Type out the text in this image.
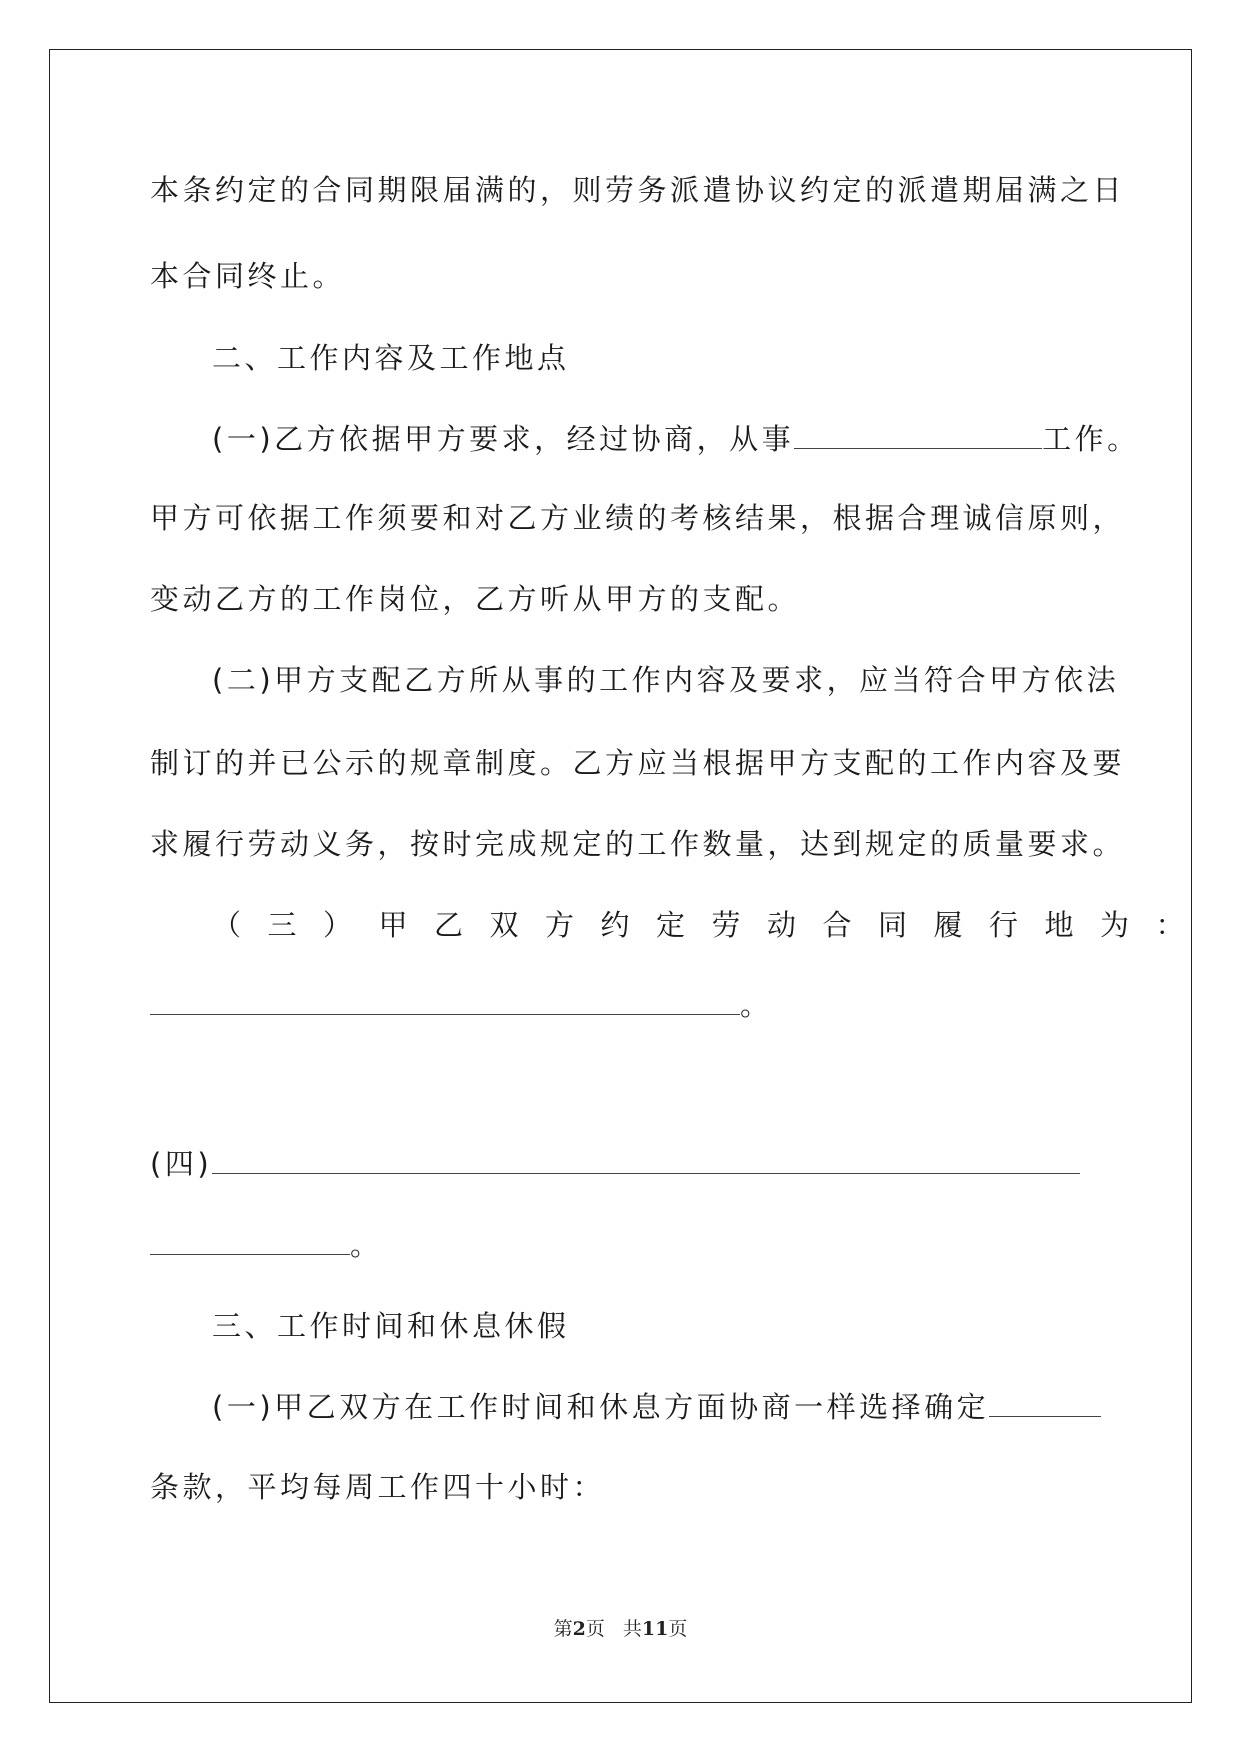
本条约定的合同期限届满的，则劳务派遣协议约定的派遣期届满之日
本合同终止。
二、工作内容及工作地点
(一)乙方依据甲方要求，经过协商，从事	工作。
甲方可依据工作须要和对乙方业绩的考核结果，根据合理诚信原则，
变动乙方的工作岗位，乙方听从甲方的支配。
(二)甲方支配乙方所从事的工作内容及要求，应当符合甲方依法
制订的并已公示的规章制度。乙方应当根据甲方支配的工作内容及要
求履行劳动义务，按时完成规定的工作数量，达到规定的质量要求。
（三）甲乙双方约定劳动合同履行地为：
。
(四)
。
三、工作时间和休息休假
(一)甲乙双方在工作时间和休息方面协商一样选择确定
条款，平均每周工作四十小时：
第2页 共11页
